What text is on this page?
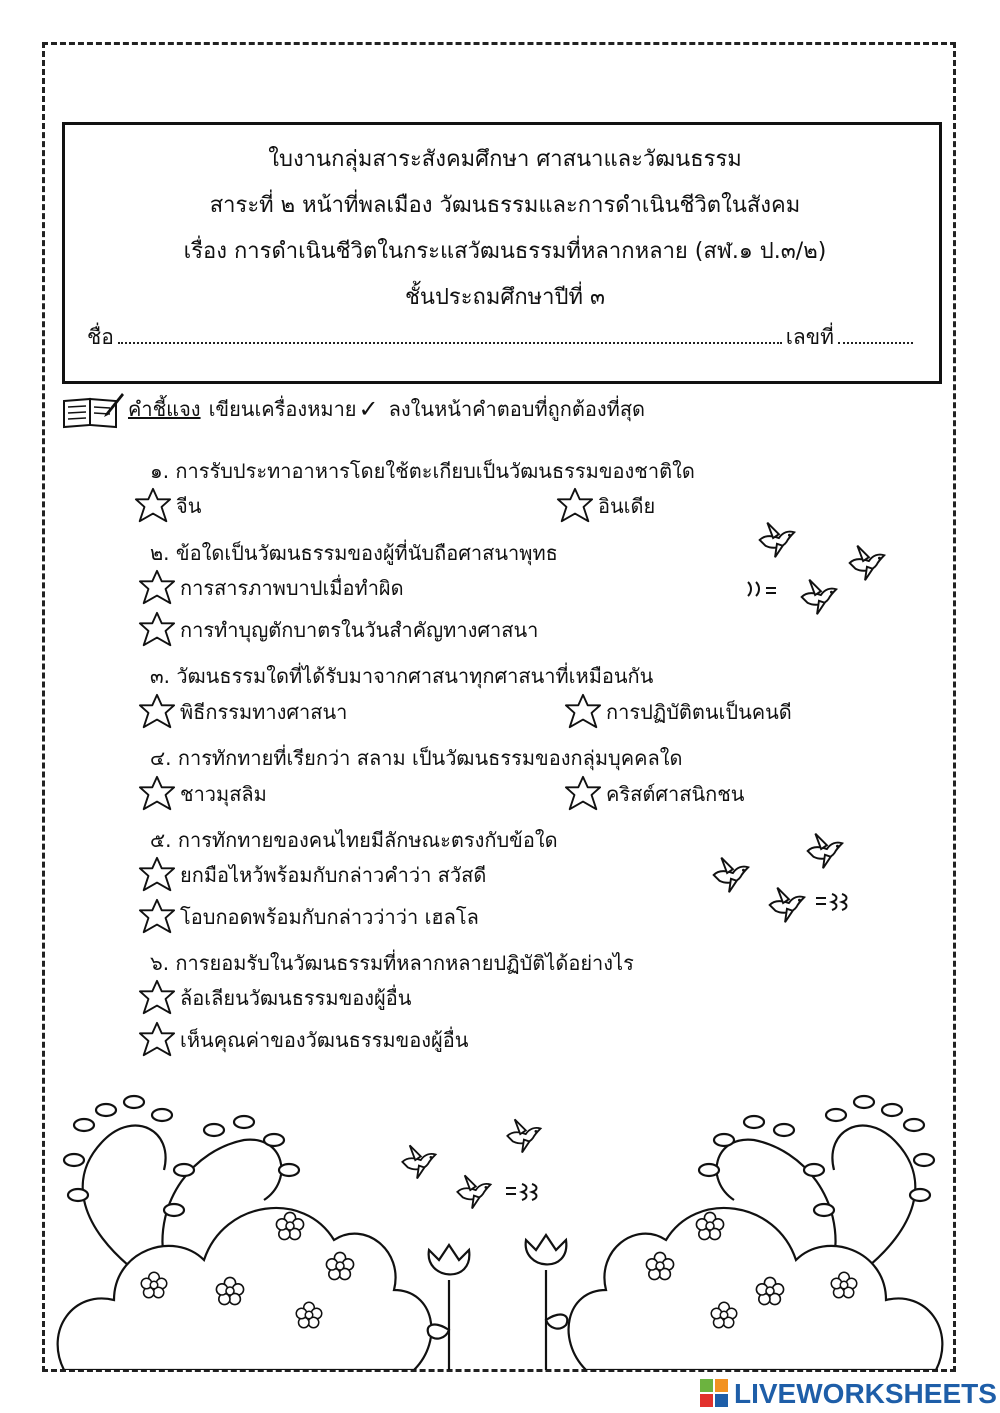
ใบงานกลุ่มสาระสังคมศึกษา ศาสนาและวัฒนธรรม
สาระที่ ๒ หน้าที่พลเมือง วัฒนธรรมและการดำเนินชีวิตในสังคม
เรื่อง การดำเนินชีวิตในกระแสวัฒนธรรมที่หลากหลาย (สฬ.๑ ป.๓/๒)
ชั้นประถมศึกษาปีที่ ๓
ชื่อ	เลขที่
คำชี้แจง เขียนเครื่องหมาย ✓ ลงในหน้าคำตอบที่ถูกต้องที่สุด
๑. การรับประทาอาหารโดยใช้ตะเกียบเป็นวัฒนธรรมของชาติใด
จีน	อินเดีย
๒. ข้อใดเป็นวัฒนธรรมของผู้ที่นับถือศาสนาพุทธ
การสารภาพบาปเมื่อทำผิด
การทำบุญตักบาตรในวันสำคัญทางศาสนา
๓. วัฒนธรรมใดที่ได้รับมาจากศาสนาทุกศาสนาที่เหมือนกัน
พิธีกรรมทางศาสนา	การปฏิบัติตนเป็นคนดี
๔. การทักทายที่เรียกว่า สลาม เป็นวัฒนธรรมของกลุ่มบุคคลใด
ชาวมุสลิม	คริสต์ศาสนิกชน
๕. การทักทายของคนไทยมีลักษณะตรงกับข้อใด
ยกมือไหว้พร้อมกับกล่าวคำว่า สวัสดี
โอบกอดพร้อมกับกล่าวว่าว่า เฮลโล
๖. การยอมรับในวัฒนธรรมที่หลากหลายปฏิบัติได้อย่างไร
ล้อเลียนวัฒนธรรมของผู้อื่น
เห็นคุณค่าของวัฒนธรรมของผู้อื่น
LIVEWORKSHEETS
